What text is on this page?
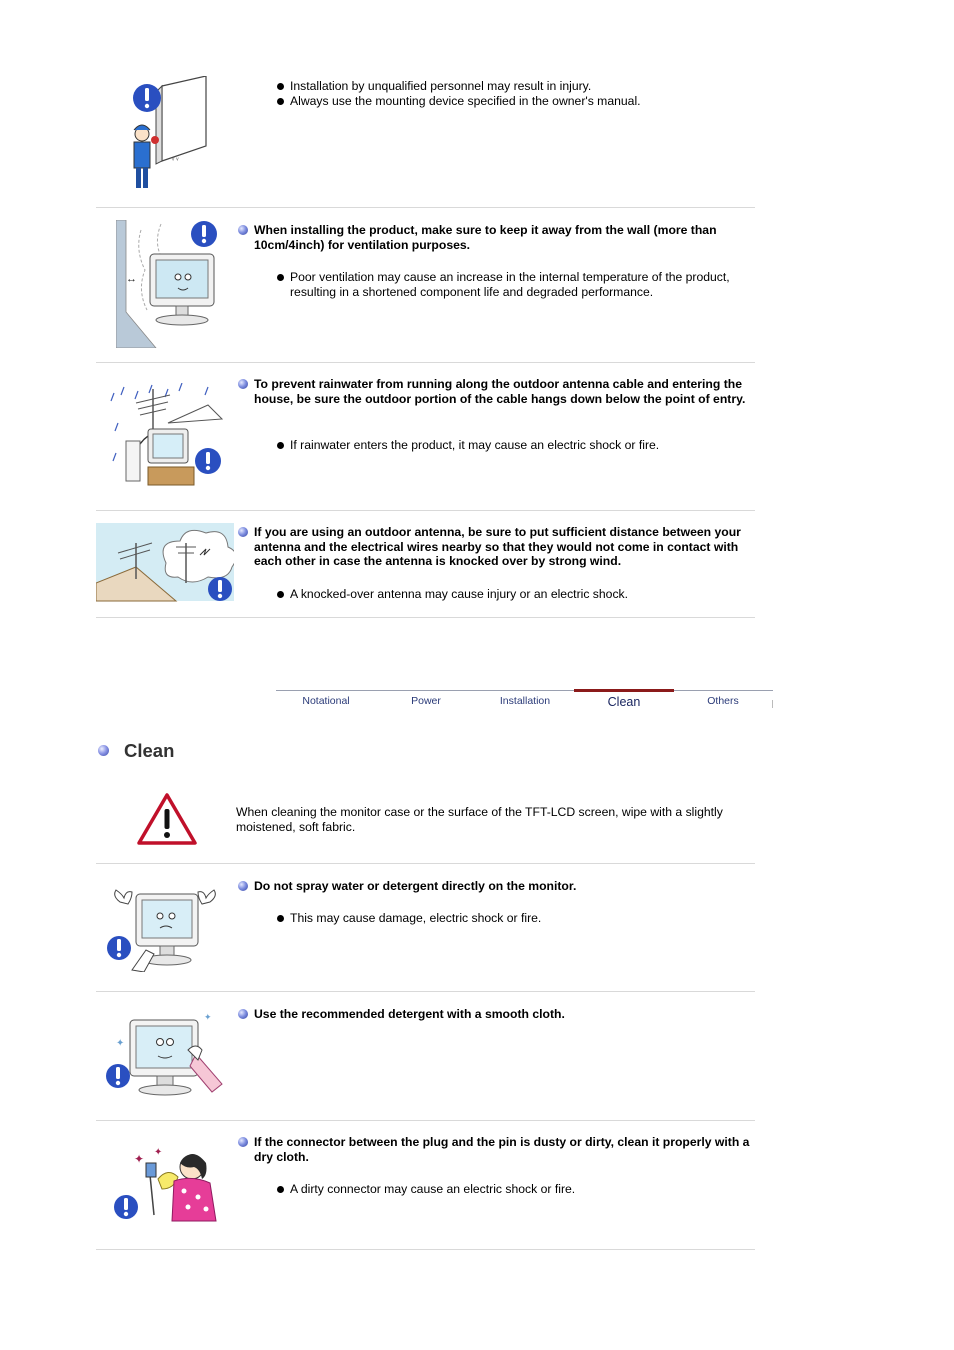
ᵛ ᵛ
Installation by unqualified personnel may result in injury.
Always use the mounting device specified in the owner's manual.
↔
When installing the product, make sure to keep it away from the wall (more than 10cm/4inch) for ventilation purposes.
Poor ventilation may cause an increase in the internal temperature of the product, resulting in a shortened component life and degraded performance.
To prevent rainwater from running along the outdoor antenna cable and entering the house, be sure the outdoor portion of the cable hangs down below the point of entry.
If rainwater enters the product, it may cause an electric shock or fire.
If you are using an outdoor antenna, be sure to put sufficient distance between your antenna and the electrical wires nearby so that they would not come in contact with each other in case the antenna is knocked over by strong wind.
A knocked-over antenna may cause injury or an electric shock.
Notational	Power	Installation	Clean	Others
Clean
When cleaning the monitor case or the surface of the TFT-LCD screen, wipe with a slightly moistened, soft fabric.
Do not spray water or detergent directly on the monitor.
This may cause damage, electric shock or fire.
✦
✦	Use the recommended detergent with a smooth cloth.
✦ ✦
If the connector between the plug and the pin is dusty or dirty, clean it properly with a dry cloth.
A dirty connector may cause an electric shock or fire.
